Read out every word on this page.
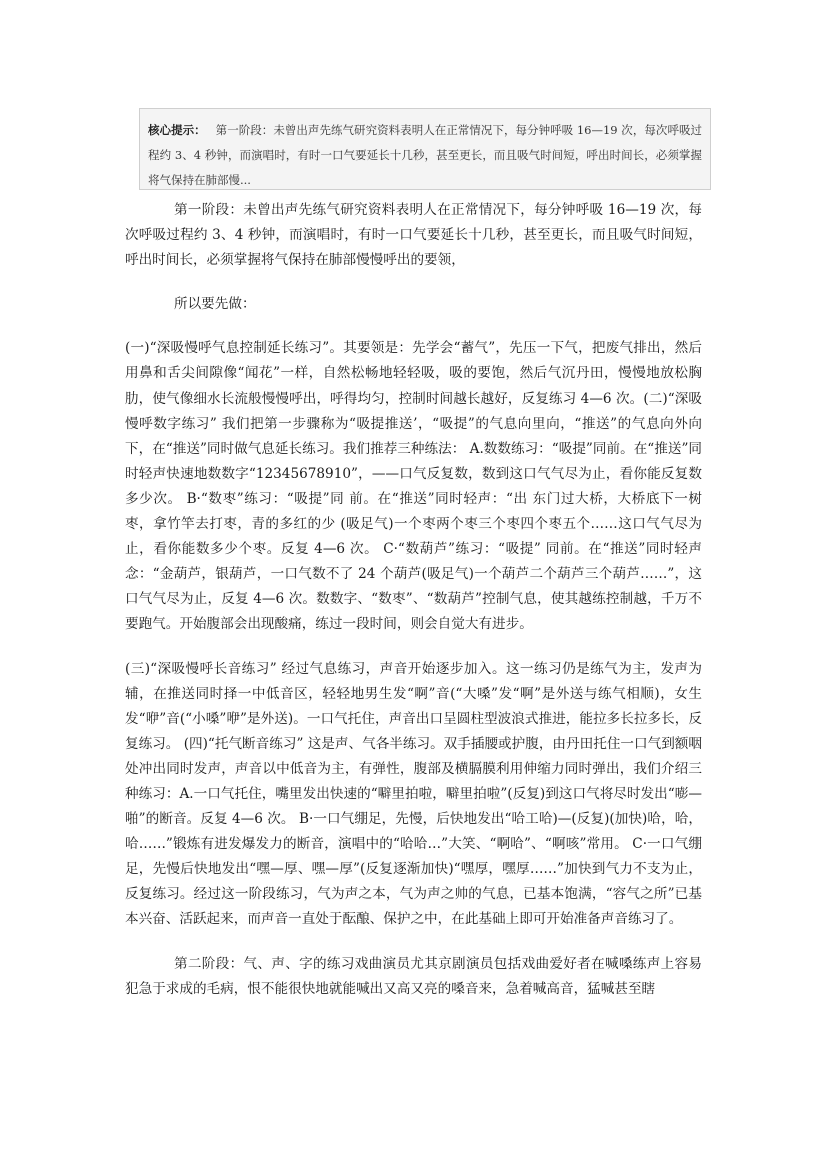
核心提示： 第一阶段：未曾出声先练气研究资料表明人在正常情况下，每分钟呼吸 16—19 次，每次呼吸过程约 3、4 秒钟，而演唱时，有时一口气要延长十几秒，甚至更长，而且吸气时间短，呼出时间长，必须掌握将气保持在肺部慢...

第一阶段：未曾出声先练气研究资料表明人在正常情况下，每分钟呼吸 16—19 次，每次呼吸过程约 3、4 秒钟，而演唱时，有时一口气要延长十几秒，甚至更长，而且吸气时间短，呼出时间长，必须掌握将气保持在肺部慢慢呼出的要领，

所以要先做：

(一)“深吸慢呼气息控制延长练习”。其要领是：先学会“蓄气”，先压一下气，把废气排出，然后用鼻和舌尖间隙像“闻花”一样，自然松畅地轻轻吸，吸的要饱，然后气沉丹田，慢慢地放松胸肋，使气像细水长流般慢慢呼出，呼得均匀，控制时间越长越好，反复练习 4—6 次。(二)“深吸慢呼数字练习” 我们把第一步骤称为“吸提推送’，“吸提”的气息向里向，“推送”的气息向外向下，在“推送”同时做气息延长练习。我们推荐三种练法： A.数数练习：“吸提”同前。在“推送”同时轻声快速地数数字“12345678910”，——口气反复数，数到这口气气尽为止，看你能反复数多少次。 B·“数枣”练习：“吸提”同 前。在“推送”同时轻声：“出 东门过大桥，大桥底下一树枣，拿竹竿去打枣，青的多红的少 (吸足气)一个枣两个枣三个枣四个枣五个……这口气气尽为止，看你能数多少个枣。反复 4—6 次。 C·“数葫芦”练习：“吸提” 同前。在“推送”同时轻声念：“金葫芦，银葫芦，一口气数不了 24 个葫芦(吸足气)一个葫芦二个葫芦三个葫芦……”，这口气气尽为止，反复 4—6 次。数数字、“数枣”、“数葫芦”控制气息，使其越练控制越，千万不要跑气。开始腹部会出现酸痛，练过一段时间，则会自觉大有进步。

(三)“深吸慢呼长音练习” 经过气息练习，声音开始逐步加入。这一练习仍是练气为主，发声为辅，在推送同时择一中低音区，轻轻地男生发“啊”音(“大嗓”发“啊”是外送与练气相顺)，女生发“咿”音(“小嗓”咿”是外送)。一口气托住，声音出口呈圆柱型波浪式推进，能拉多长拉多长，反复练习。 (四)“托气断音练习” 这是声、气各半练习。双手插腰或护腹，由丹田托住一口气到额咽处冲出同时发声，声音以中低音为主，有弹性，腹部及横膈膜利用伸缩力同时弹出，我们介绍三种练习：A.一口气托住，嘴里发出快速的“噼里拍啦，噼里拍啦”(反复)到这口气将尽时发出“嘭—啪”的断音。反复 4—6 次。 B·一口气绷足，先慢，后快地发出“哈工哈)—(反复)(加快)哈，哈，哈……”锻炼有进发爆发力的断音，演唱中的“哈哈…”大笑、“啊哈”、“啊咳”常用。 C·一口气绷足，先慢后快地发出“嘿—厚、嘿—厚”(反复逐渐加快)“嘿厚，嘿厚……”加快到气力不支为止，反复练习。经过这一阶段练习，气为声之本，气为声之帅的气息，已基本饱满，“容气之所”已基本兴奋、活跃起来，而声音一直处于酝酿、保护之中，在此基础上即可开始准备声音练习了。

第二阶段：气、声、字的练习戏曲演员尤其京剧演员包括戏曲爱好者在喊嗓练声上容易犯急于求成的毛病，恨不能很快地就能喊出又高又亮的嗓音来，急着喊高音，猛喊甚至瞎
